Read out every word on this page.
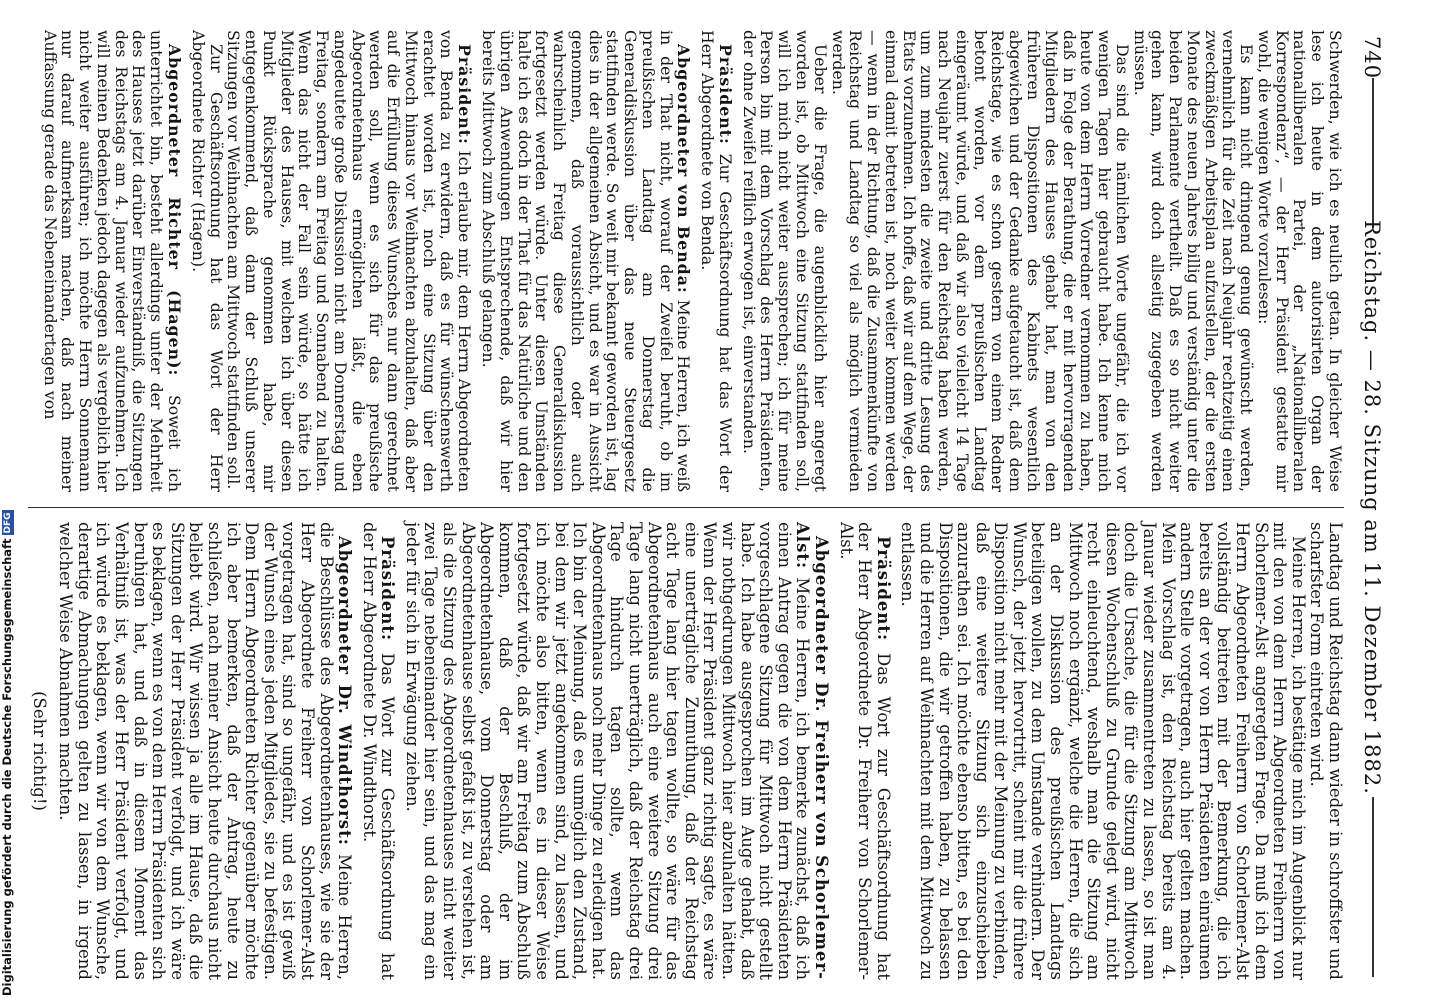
740
Reichstag. — 28. Sitzung am 11. Dezember 1882.

Schwerden, wie ich es neulich getan. In gleicher Weise lese ich heute in dem autorisirten Organ der nationalliberalen Partei, der „Nationalliberalen Korrespondenz“, — der Herr Präsident gestatte mir wohl, die wenigen Worte vorzulesen:

Es kann nicht dringend genug gewünscht werden, vernehmlich für die Zeit nach Neujahr rechtzeitig einen zweckmäßigen Arbeitsplan aufzustellen, der die ersten Monate des neuen Jahres billig und verständig unter die beiden Parlamente vertheilt. Daß es so nicht weiter gehen kann, wird doch allseitig zugegeben werden müssen.

Das sind die nämlichen Worte ungefähr, die ich vor wenigen Tagen hier gebraucht habe. Ich kenne mich heute von dem Herrn Vorredner vernommen zu haben, daß in Folge der Berathung, die er mit hervorragenden Mitgliedern des Hauses gehabt hat, man von den früheren Dispositionen des Kabinets wesentlich abgewichen und der Gedanke aufgetaucht ist, daß dem Reichstage, wie es schon gestern von einem Redner betont worden, vor dem preußischen Landtag eingeräumt würde, und daß wir also vielleicht 14 Tage nach Neujahr zuerst für den Reichstag haben werden, um zum mindesten die zweite und dritte Lesung des Etats vorzunehmen. Ich hoffe, daß wir auf dem Wege, der einmal damit betreten ist, noch weiter kommen werden — wenn in der Richtung, daß die Zusammenkünfte von Reichstag und Landtag so viel als möglich vermieden werden.

Ueber die Frage, die augenblicklich hier angeregt worden ist, ob Mittwoch eine Sitzung stattfinden soll, will ich mich nicht weiter aussprechen; ich für meine Person bin mit dem Vorschlag des Herrn Präsidenten, der ohne Zweifel reiflich erwogen ist, einverstanden.

Präsident: Zur Geschäftsordnung hat das Wort der Herr Abgeordnete von Benda.

Abgeordneter von Benda: Meine Herren, ich weiß in der That nicht, worauf der Zweifel beruht, ob im preußischen Landtag am Donnerstag die Generaldiskussion über das neue Steuergesetz stattfinden werde. So weit mir bekannt geworden ist, lag dies in der allgemeinen Absicht, und es war in Aussicht genommen, daß voraussichtlich oder auch wahrscheinlich Freitag diese Generaldiskussion fortgesetzt werden würde. Unter diesen Umständen halte ich es doch in der That für das Natürliche und den übrigen Anwendungen Entsprechende, daß wir hier bereits Mittwoch zum Abschluß gelangen.

Präsident: Ich erlaube mir, dem Herrn Abgeordneten von Benda zu erwidern, daß es für wünschenswerth erachtet worden ist, noch eine Sitzung über den Mittwoch hinaus vor Weihnachten abzuhalten, daß aber auf die Erfüllung dieses Wunsches nur dann gerechnet werden soll, wenn es sich für das preußische Abgeordnetenhaus ermöglichen läßt, die eben angedeutete große Diskussion nicht am Donnerstag und Freitag, sondern am Freitag und Sonnabend zu halten. Wenn das nicht der Fall sein würde, so hätte ich Mitglieder des Hauses, mit welchen ich über diesen Punkt Rücksprache genommen habe, mir entgegenkommend, daß dann der Schluß unserer Sitzungen vor Weihnachten am Mittwoch stattfinden soll.

Zur Geschäftsordnung hat das Wort der Herr Abgeordnete Richter (Hagen).

Abgeordneter Richter (Hagen): Soweit ich unterrichtet bin, besteht allerdings unter der Mehrheit des Hauses jetzt darüber Einverständniß, die Sitzungen des Reichstags am 4. Januar wieder aufzunehmen. Ich will meinen Bedenken jedoch dagegen als vergeblich hier nicht weiter ausführen; ich möchte Herrn Sonnemann nur darauf aufmerksam machen, daß nach meiner Auffassung gerade das Nebeneinandertagen von

Landtag und Reichstag dann wieder in schroffster und scharfster Form eintreten wird.

Meine Herren, ich bestätige mich im Augenblick nur mit den von dem Herrn Abgeordneten Freiherrn von Schorlemer-Alst angeregten Frage. Da muß ich dem Herrn Abgeordneten Freiherrn von Schorlemer-Alst vollständig beitreten mit der Bemerkung, die ich bereits an der vor von Herrn Präsidenten einräumen andern Stelle vorgetragen, auch hier gelten machen. Mein Vorschlag ist, den Reichstag bereits am 4. Januar wieder zusammentreten zu lassen, so ist man doch die Ursache, die für die Sitzung am Mittwoch diesen Wochenschluß zu Grunde gelegt wird, nicht recht einleuchtend, weshalb man die Sitzung am Mittwoch noch ergänzt, welche die Herren, die sich an der Diskussion des preußischen Landtags beteiligen wollen, zu dem Umstande verhindern. Der Wunsch, der jetzt hervortritt, scheint mir die frühere Disposition nicht mehr mit der Meinung zu verbinden, daß eine weitere Sitzung sich einzuschieben anzurathen sei. Ich möchte ebenso bitten, es bei den Dispositionen, die wir getroffen haben, zu belassen und die Herren auf Weihnachten mit dem Mittwoch zu entlassen.

Präsident: Das Wort zur Geschäftsordnung hat der Herr Abgeordnete Dr. Freiherr von Schorlemer-Alst.

Abgeordneter Dr. Freiherr von Schorlemer-Alst: Meine Herren, ich bemerke zunächst, daß ich einen Antrag gegen die von dem Herrn Präsidenten vorgeschlagene Sitzung für Mittwoch nicht gestellt habe. Ich habe ausgesprochen im Auge gehabt, daß wir nothgedrungen Mittwoch hier abzuhalten hätten. Wenn der Herr Präsident ganz richtig sagte, es wäre eine unerträgliche Zumuthung, daß der Reichstag acht Tage lang hier tagen wollte, so wäre für das Abgeordnetenhaus auch eine weitere Sitzung drei Tage lang nicht unerträglich, daß der Reichstag drei Tage hindurch tagen sollte, wenn das Abgeordnetenhaus noch mehr Dinge zu erledigen hat. Ich bin der Meinung, daß es unmöglich den Zustand, bei dem wir jetzt angekommen sind, zu lassen, und ich möchte also bitten, wenn es in dieser Weise fortgesetzt würde, daß wir am Freitag zum Abschluß kommen, daß der Beschluß, der im Abgeordnetenhause, vom Donnerstag oder am Abgeordnetenhause selbst gefaßt ist, zu verstehen ist, als die Sitzung des Abgeordnetenhauses nicht weiter zwei Tage nebeneinander hier sein, und das mag ein jeder für sich in Erwägung ziehen.

Präsident: Das Wort zur Geschäftsordnung hat der Herr Abgeordnete Dr. Windthorst.

Abgeordneter Dr. Windthorst: Meine Herren, die Beschlüsse des Abgeordnetenhauses, wie sie der Herr Abgeordnete Freiherr von Schorlemer-Alst vorgetragen hat, sind so ungefähr, und es ist gewiß der Wunsch eines jeden Mitgliedes, sie zu befestigen. Dem Herrn Abgeordneten Richter gegenüber möchte ich aber bemerken, daß der Antrag, heute zu schließen, nach meiner Ansicht heute durchaus nicht beliebt wird. Wir wissen ja alle im Hause, daß die Sitzungen der Herr Präsident verfolgt, und ich wäre es beklagen, wenn es von dem Herrn Präsidenten sich beruhigen hat, und daß in diesem Moment das Verhältniß ist, was der Herr Präsident verfolgt, und ich würde es beklagen, wenn wir von dem Wunsche, derartige Abmachungen gelten zu lassen, in irgend welcher Weise Abnahmen machten.

(Sehr richtig!)

Digitalisierung gefördert durch die Deutsche ForschungsgemeinschaftDFG
